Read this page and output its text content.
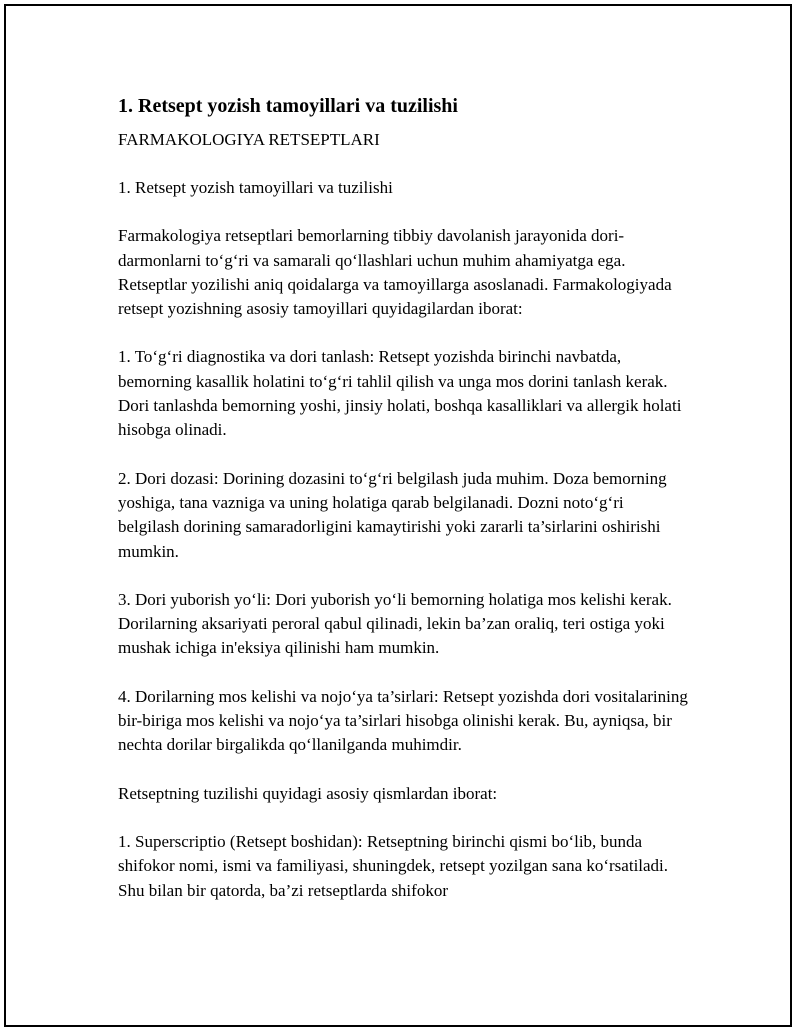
1. Retsept yozish tamoyillari va tuzilishi
FARMAKOLOGIYA RETSEPTLARI

1. Retsept yozish tamoyillari va tuzilishi

Farmakologiya retseptlari bemorlarning tibbiy davolanish jarayonida dori-darmonlarni to‘g‘ri va samarali qo‘llashlari uchun muhim ahamiyatga ega. Retseptlar yozilishi aniq qoidalarga va tamoyillarga asoslanadi. Farmakologiyada retsept yozishning asosiy tamoyillari quyidagilardan iborat:

1. To‘g‘ri diagnostika va dori tanlash: Retsept yozishda birinchi navbatda, bemorning kasallik holatini to‘g‘ri tahlil qilish va unga mos dorini tanlash kerak. Dori tanlashda bemorning yoshi, jinsiy holati, boshqa kasalliklari va allergik holati hisobga olinadi.

2. Dori dozasi: Dorining dozasini to‘g‘ri belgilash juda muhim. Doza bemorning yoshiga, tana vazniga va uning holatiga qarab belgilanadi. Dozni noto‘g‘ri belgilash dorining samaradorligini kamaytirishi yoki zararli ta’sirlarini oshirishi mumkin.

3. Dori yuborish yo‘li: Dori yuborish yo‘li bemorning holatiga mos kelishi kerak. Dorilarning aksariyati peroral qabul qilinadi, lekin ba’zan oraliq, teri ostiga yoki mushak ichiga in'eksiya qilinishi ham mumkin.

4. Dorilarning mos kelishi va nojo‘ya ta’sirlari: Retsept yozishda dori vositalarining bir-biriga mos kelishi va nojo‘ya ta’sirlari hisobga olinishi kerak. Bu, ayniqsa, bir nechta dorilar birgalikda qo‘llanilganda muhimdir.

Retseptning tuzilishi quyidagi asosiy qismlardan iborat:

1. Superscriptio (Retsept boshidan): Retseptning birinchi qismi bo‘lib, bunda shifokor nomi, ismi va familiyasi, shuningdek, retsept yozilgan sana ko‘rsatiladi. Shu bilan bir qatorda, ba’zi retseptlarda shifokor
